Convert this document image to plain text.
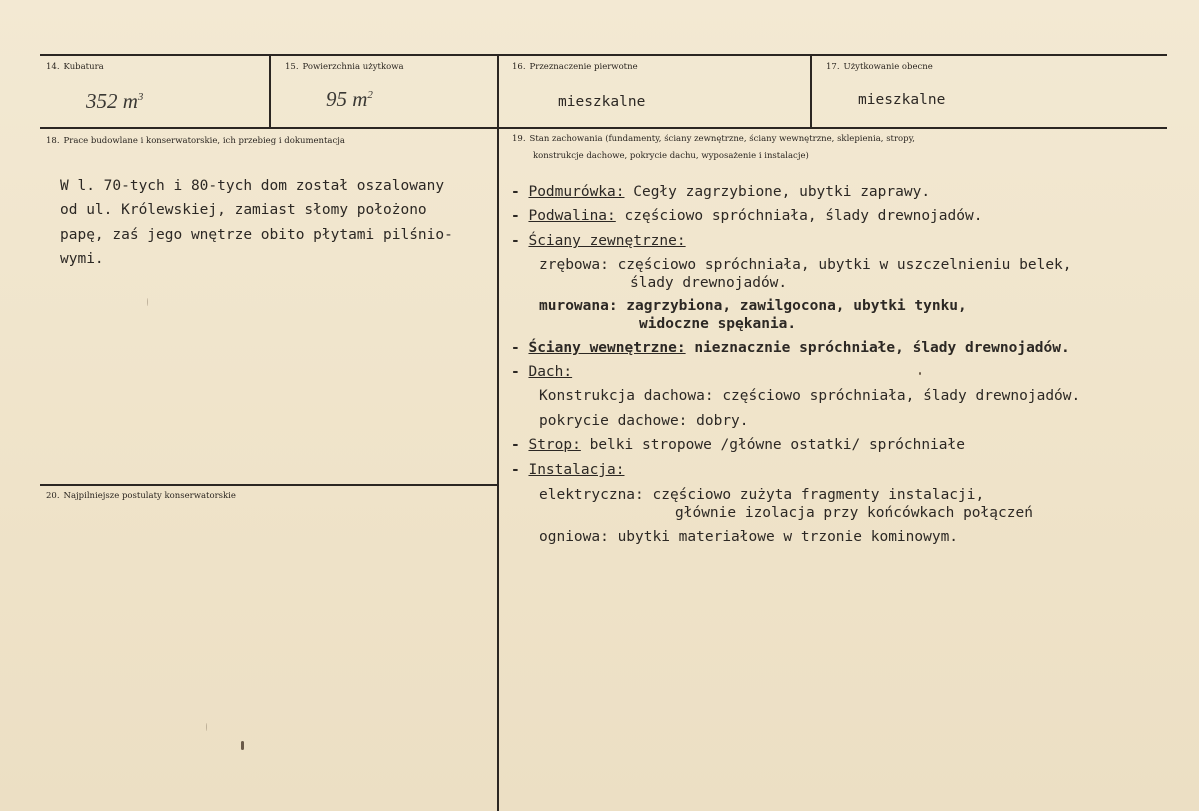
14. Kubatura
352 $m^3$
15. Powierzchnia użytkowa
95 $m^2$
16. Przeznaczenie pierwotne
mieszkalne
17. Użytkowanie obecne
mieszkalne
18. Prace budowlane i konserwatorskie, ich przebieg i dokumentacja
W l. 70-tych i 80-tych dom został oszalowany
od ul. Królewskiej, zamiast słomy położono
papę, zaś jego wnętrze obito płytami pilśnio-
wymi.
19. Stan zachowania (fundamenty, ściany zewnętrzne, ściany wewnętrzne, sklepienia, stropy,
konstrukcje dachowe, pokrycie dachu, wyposażenie i instalacje)
- Podmurówka: Cegły zagrzybione, ubytki zaprawy.
- Podwalina: częściowo spróchniała, ślady drewnojadów.
- Ściany zewnętrzne:
zrębowa: częściowo spróchniała, ubytki w uszczelnieniu belek,
ślady drewnojadów.
murowana: zagrzybiona, zawilgocona, ubytki tynku,
widoczne spękania.
- Ściany wewnętrzne: nieznacznie spróchniałe, ślady drewnojadów.
- Dach:
Konstrukcja dachowa: częściowo spróchniała, ślady drewnojadów.
pokrycie dachowe: dobry.
- Strop: belki stropowe /główne ostatki/ spróchniałe
- Instalacja:
elektryczna: częściowo zużyta fragmenty instalacji,
głównie izolacja przy końcówkach połączeń
ogniowa: ubytki materiałowe w trzonie kominowym.
20. Najpilniejsze postulaty konserwatorskie
